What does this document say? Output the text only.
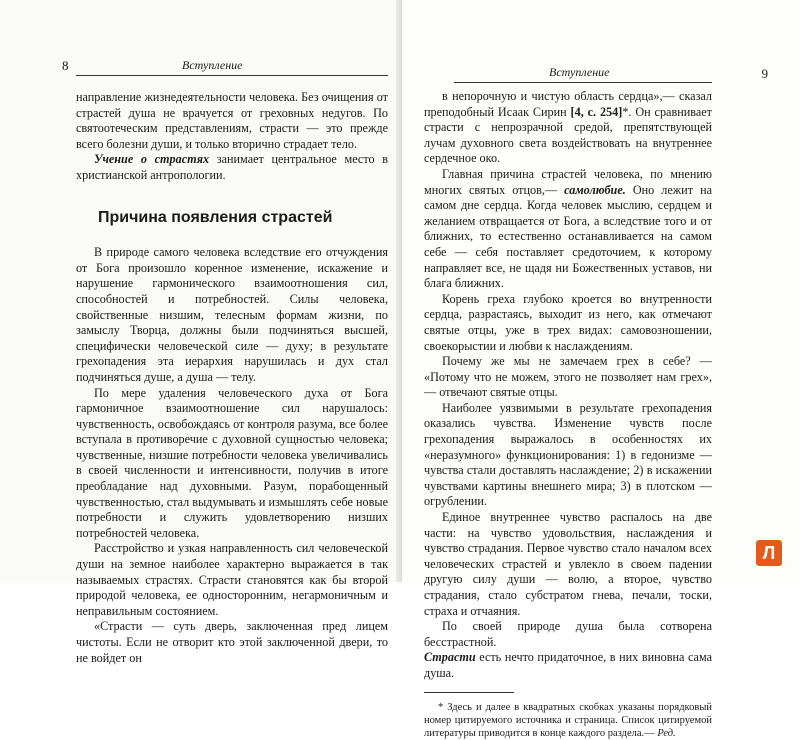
8	Вступление

направление жизнедеятельности человека. Без очищения от страстей душа не врачуется от греховных недугов. По святоотеческим представлениям, страсти — это прежде всего болезни души, и только вторично страдает тело.

Учение о страстях занимает центральное место в христианской антропологии.

Причина появления страстей

В природе самого человека вследствие его отчуждения от Бога произошло коренное изменение, искажение и нарушение гармонического взаимоотношения сил, способностей и потребностей. Силы человека, свойственные низшим, телесным формам жизни, по замыслу Творца, должны были подчиняться высшей, специфически человеческой силе — духу; в результате грехопадения эта иерархия нарушилась и дух стал подчиняться душе, а душа — телу.

По мере удаления человеческого духа от Бога гармоничное взаимоотношение сил нарушалось: чувственность, освобождаясь от контроля разума, все более вступала в противоречие с духовной сущностью человека; чувственные, низшие потребности человека увеличивались в своей численности и интенсивности, получив в итоге преобладание над духовными. Разум, порабощенный чувственностью, стал выдумывать и измышлять себе новые потребности и служить удовлетворению низших потребностей человека.

Расстройство и узкая направленность сил человеческой души на земное наиболее характерно выражается в так называемых страстях. Страсти становятся как бы второй природой человека, ее односторонним, негармоничным и неправильным состоянием.

«Страсти — суть дверь, заключенная пред лицем чистоты. Если не отворит кто этой заключенной двери, то не войдет он

Вступление	9

в непорочную и чистую область сердца»,— сказал преподобный Исаак Сирин [4, с. 254]*. Он сравнивает страсти с непрозрачной средой, препятствующей лучам духовного света воздействовать на внутреннее сердечное око.

Главная причина страстей человека, по мнению многих святых отцов,— самолюбие. Оно лежит на самом дне сердца. Когда человек мыслию, сердцем и желанием отвращается от Бога, а вследствие того и от ближних, то естественно останавливается на самом себе — себя поставляет средоточием, к которому направляет все, не щадя ни Божественных уставов, ни блага ближних.

Корень греха глубоко кроется во внутренности сердца, разрастаясь, выходит из него, как отмечают святые отцы, уже в трех видах: самовозношении, своекорыстии и любви к наслаждениям.

Почему же мы не замечаем грех в себе? — «Потому что не можем, этого не позволяет нам грех»,— отвечают святые отцы.

Наиболее уязвимыми в результате грехопадения оказались чувства. Изменение чувств после грехопадения выражалось в особенностях их «неразумного» функционирования: 1) в гедонизме — чувства стали доставлять наслаждение; 2) в искажении чувствами картины внешнего мира; 3) в плотском — огрублении.

Единое внутреннее чувство распалось на две части: на чувство удовольствия, наслаждения и чувство страдания. Первое чувство стало началом всех человеческих страстей и увлекло в своем падении другую силу души — волю, а второе, чувство страдания, стало субстратом гнева, печали, тоски, страха и отчаяния.

По своей природе душа была сотворена бесстрастной.

Страсти есть нечто придаточное, в них виновна сама душа.

* Здесь и далее в квадратных скобках указаны порядковый номер цитируемого источника и страница. Список цитируемой литературы приводится в конце каждого раздела.— Ред.
Л
